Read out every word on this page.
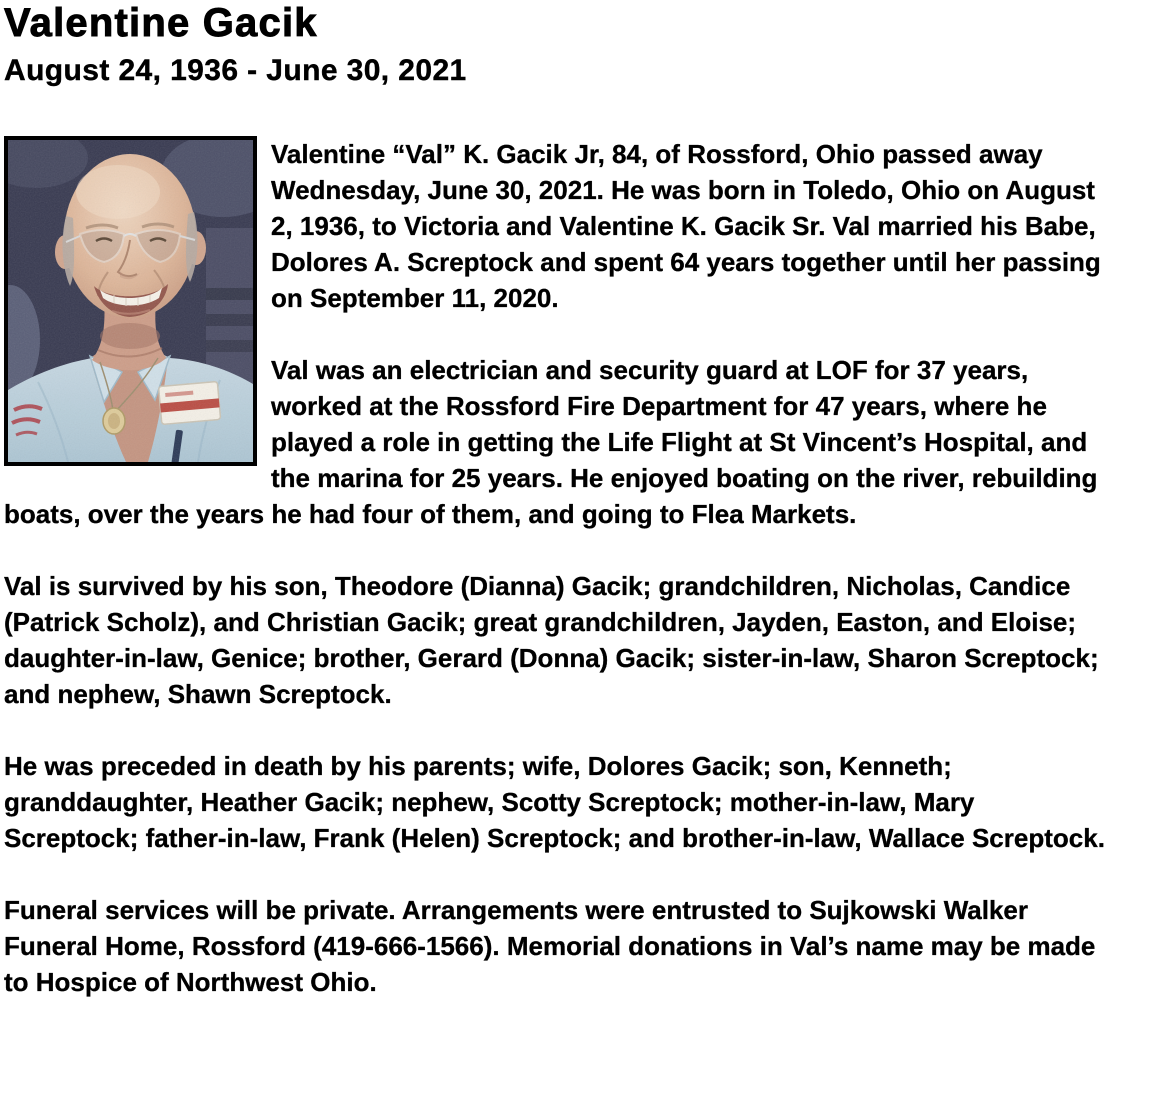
Valentine Gacik
August 24, 1936 - June 30, 2021

Valentine “Val” K. Gacik Jr, 84, of Rossford, Ohio passed away Wednesday, June 30, 2021. He was born in Toledo, Ohio on August 2, 1936, to Victoria and Valentine K. Gacik Sr. Val married his Babe, Dolores A. Screptock and spent 64 years together until her passing on September 11, 2020.

Val was an electrician and security guard at LOF for 37 years, worked at the Rossford Fire Department for 47 years, where he played a role in getting the Life Flight at St Vincent’s Hospital, and the marina for 25 years. He enjoyed boating on the river, rebuilding boats, over the years he had four of them, and going to Flea Markets.

Val is survived by his son, Theodore (Dianna) Gacik; grandchildren, Nicholas, Candice (Patrick Scholz), and Christian Gacik; great grandchildren, Jayden, Easton, and Eloise; daughter-in-law, Genice; brother, Gerard (Donna) Gacik; sister-in-law, Sharon Screptock; and nephew, Shawn Screptock.

He was preceded in death by his parents; wife, Dolores Gacik; son, Kenneth; granddaughter, Heather Gacik; nephew, Scotty Screptock; mother-in-law, Mary Screptock; father-in-law, Frank (Helen) Screptock; and brother-in-law, Wallace Screptock.

Funeral services will be private. Arrangements were entrusted to Sujkowski Walker Funeral Home, Rossford (419-666-1566). Memorial donations in Val’s name may be made to Hospice of Northwest Ohio.
